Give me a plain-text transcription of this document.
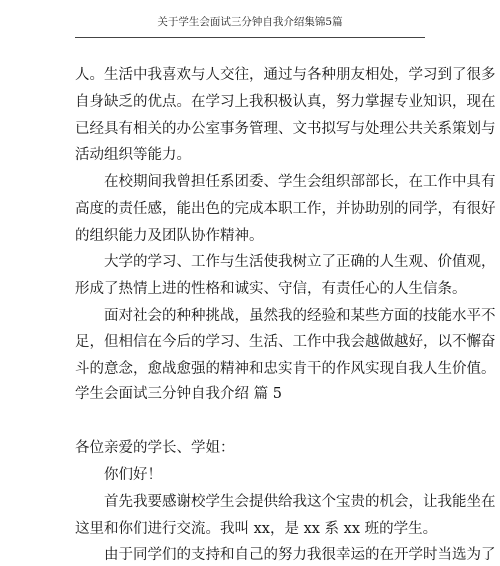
关于学生会面试三分钟自我介绍集锦5篇
人。生活中我喜欢与人交往，通过与各种朋友相处，学习到了很多
自身缺乏的优点。在学习上我积极认真，努力掌握专业知识，现在
已经具有相关的办公室事务管理、文书拟写与处理公共关系策划与
活动组织等能力。
在校期间我曾担任系团委、学生会组织部部长，在工作中具有
高度的责任感，能出色的完成本职工作，并协助别的同学，有很好
的组织能力及团队协作精神。
大学的学习、工作与生活使我树立了正确的人生观、价值观，
形成了热情上进的性格和诚实、守信，有责任心的人生信条。
面对社会的种种挑战，虽然我的经验和某些方面的技能水平不
足，但相信在今后的学习、生活、工作中我会越做越好，以不懈奋
斗的意念，愈战愈强的精神和忠实肯干的作风实现自我人生价值。
学生会面试三分钟自我介绍 篇 5
各位亲爱的学长、学姐：
你们好！
首先我要感谢校学生会提供给我这个宝贵的机会，让我能坐在
这里和你们进行交流。我叫 xx，是 xx 系 xx 班的学生。
由于同学们的支持和自己的努力我很幸运的在开学时当选为了
